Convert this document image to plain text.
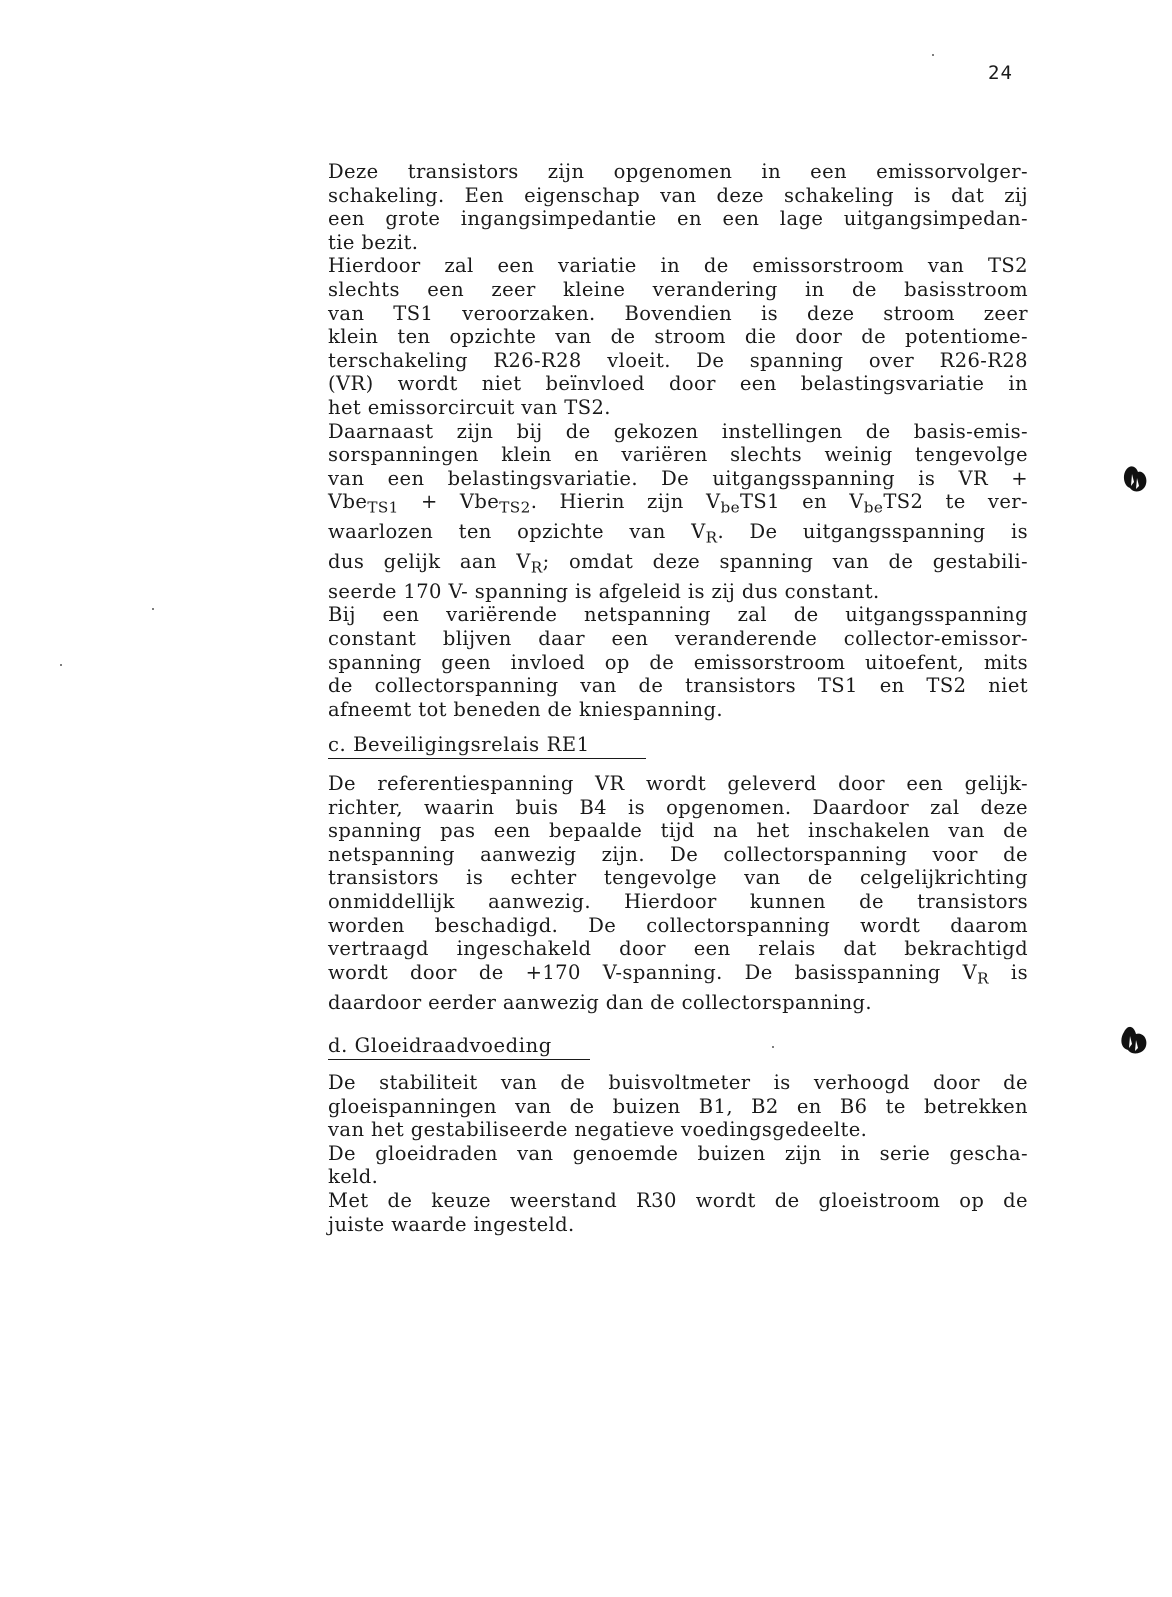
24
Deze transistors zijn opgenomen in een emissorvolger-
schakeling. Een eigenschap van deze schakeling is dat zij
een grote ingangsimpedantie en een lage uitgangsimpedan-
tie bezit.
Hierdoor zal een variatie in de emissorstroom van TS2
slechts een zeer kleine verandering in de basisstroom
van TS1 veroorzaken. Bovendien is deze stroom zeer
klein ten opzichte van de stroom die door de potentiome-
terschakeling R26-R28 vloeit. De spanning over R26-R28
(VR) wordt niet beïnvloed door een belastingsvariatie in
het emissorcircuit van TS2.
Daarnaast zijn bij de gekozen instellingen de basis-emis-
sorspanningen klein en variëren slechts weinig tengevolge
van een belastingsvariatie. De uitgangsspanning is VR +
Vbe$_{TS1}$ + Vbe$_{TS2}$. Hierin zijn $V_{be}TS1$ en $V_{be}TS2$ te ver-
waarlozen ten opzichte van $V_R$. De uitgangsspanning is
dus gelijk aan $V_R$; omdat deze spanning van de gestabili-
seerde 170 V- spanning is afgeleid is zij dus constant.
Bij een variërende netspanning zal de uitgangsspanning
constant blijven daar een veranderende collector-emissor-
spanning geen invloed op de emissorstroom uitoefent, mits
de collectorspanning van de transistors TS1 en TS2 niet
afneemt tot beneden de kniespanning.
c. Beveiligingsrelais RE1
De referentiespanning VR wordt geleverd door een gelijk-
richter, waarin buis B4 is opgenomen. Daardoor zal deze
spanning pas een bepaalde tijd na het inschakelen van de
netspanning aanwezig zijn. De collectorspanning voor de
transistors is echter tengevolge van de celgelijkrichting
onmiddellijk aanwezig. Hierdoor kunnen de transistors
worden beschadigd. De collectorspanning wordt daarom
vertraagd ingeschakeld door een relais dat bekrachtigd
wordt door de +170 V-spanning. De basisspanning $V_R$ is
daardoor eerder aanwezig dan de collectorspanning.
d. Gloeidraadvoeding
De stabiliteit van de buisvoltmeter is verhoogd door de
gloeispanningen van de buizen B1, B2 en B6 te betrekken
van het gestabiliseerde negatieve voedingsgedeelte.
De gloeidraden van genoemde buizen zijn in serie gescha-
keld.
Met de keuze weerstand R30 wordt de gloeistroom op de
juiste waarde ingesteld.
